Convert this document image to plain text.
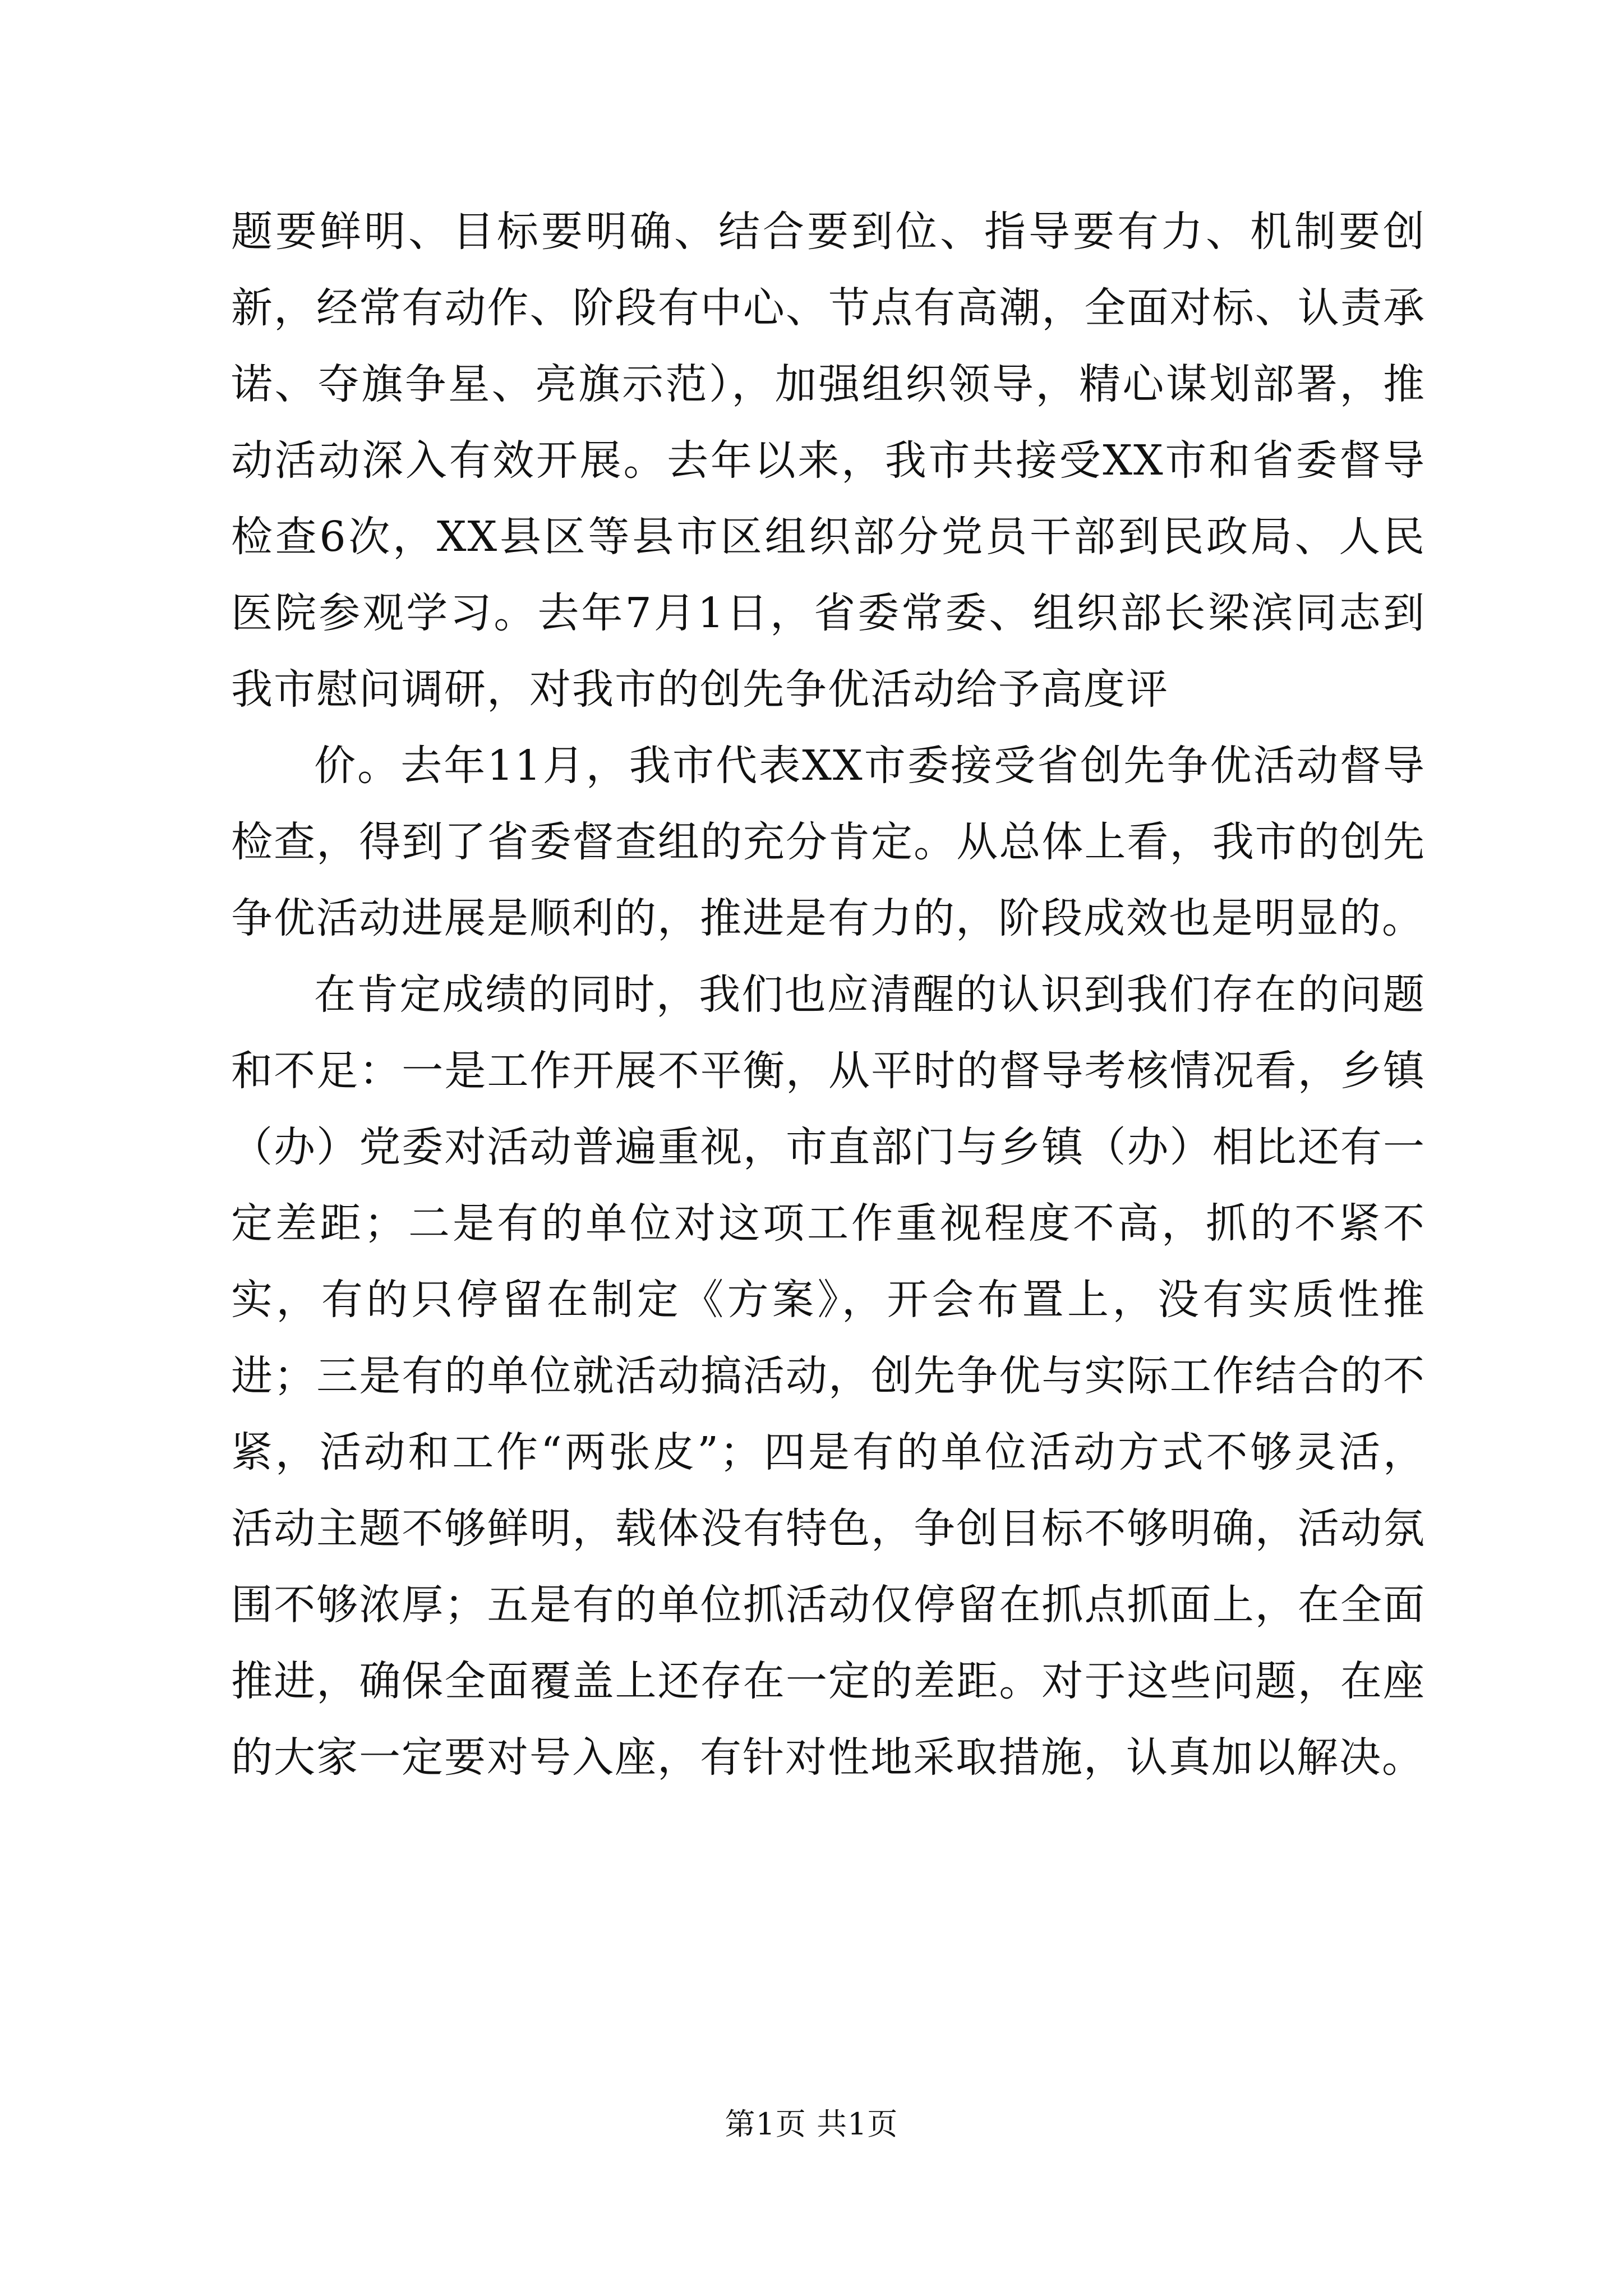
题要鲜明、目标要明确、结合要到位、指导要有力、机制要创新，经常有动作、阶段有中心、节点有高潮，全面对标、认责承诺、夺旗争星、亮旗示范），加强组织领导，精心谋划部署，推动活动深入有效开展。去年以来，我市共接受XX市和省委督导检查6次，XX县区等县市区组织部分党员干部到民政局、人民医院参观学习。去年7月1日，省委常委、组织部长梁滨同志到我市慰问调研，对我市的创先争优活动给予高度评

价。去年11月，我市代表XX市委接受省创先争优活动督导检查，得到了省委督查组的充分肯定。从总体上看，我市的创先争优活动进展是顺利的，推进是有力的，阶段成效也是明显的。

在肯定成绩的同时，我们也应清醒的认识到我们存在的问题和不足：一是工作开展不平衡，从平时的督导考核情况看，乡镇（办）党委对活动普遍重视，市直部门与乡镇（办）相比还有一定差距；二是有的单位对这项工作重视程度不高，抓的不紧不实，有的只停留在制定《方案》，开会布置上，没有实质性推进；三是有的单位就活动搞活动，创先争优与实际工作结合的不紧，活动和工作“两张皮”；四是有的单位活动方式不够灵活，活动主题不够鲜明，载体没有特色，争创目标不够明确，活动氛围不够浓厚；五是有的单位抓活动仅停留在抓点抓面上，在全面推进，确保全面覆盖上还存在一定的差距。对于这些问题，在座的大家一定要对号入座，有针对性地采取措施，认真加以解决。

第1页 共1页
